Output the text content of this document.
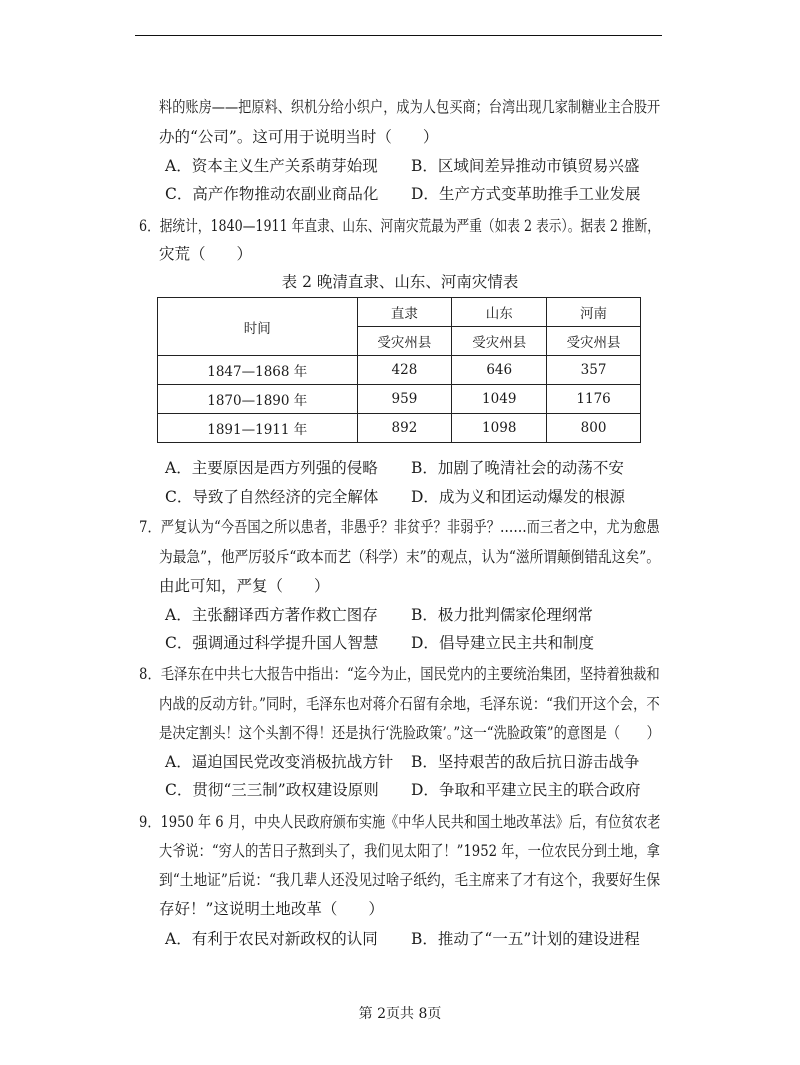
料的账房——把原料、织机分给小织户，成为人包买商；台湾出现几家制糖业主合股开
办的“公司”。这可用于说明当时（　　）
A．资本主义生产关系萌芽始现 B．区域间差异推动市镇贸易兴盛
C．高产作物推动农副业商品化 D．生产方式变革助推手工业发展
6．据统计，1840—1911 年直隶、山东、河南灾荒最为严重（如表 2 表示）。据表 2 推断，
灾荒（　　）
表 2 晚清直隶、山东、河南灾情表
时间	直隶	山东	河南
	受灾州县	受灾州县	受灾州县
1847—1868 年	428	646	357
1870—1890 年	959	1049	1176
1891—1911 年	892	1098	800
A．主要原因是西方列强的侵略 B．加剧了晚清社会的动荡不安
C．导致了自然经济的完全解体 D．成为义和团运动爆发的根源
7．严复认为“今吾国之所以患者，非愚乎？非贫乎？非弱乎？……而三者之中，尤为愈愚
为最急”，他严厉驳斥“政本而艺（科学）末”的观点，认为“滋所谓颠倒错乱这矣”。
由此可知，严复（　　）
A．主张翻译西方著作救亡图存 B．极力批判儒家伦理纲常
C．强调通过科学提升国人智慧 D．倡导建立民主共和制度
8．毛泽东在中共七大报告中指出：“迄今为止，国民党内的主要统治集团，坚持着独裁和
内战的反动方针。”同时，毛泽东也对蒋介石留有余地，毛泽东说：“我们开这个会，不
是决定割头！这个头割不得！还是执行‘洗脸政策’。”这一“洗脸政策”的意图是（　　）
A．逼迫国民党改变消极抗战方针 B．坚持艰苦的敌后抗日游击战争
C．贯彻“三三制”政权建设原则 D．争取和平建立民主的联合政府
9．1950 年 6 月，中央人民政府颁布实施《中华人民共和国土地改革法》后，有位贫农老
大爷说：“穷人的苦日子熬到头了，我们见太阳了！”1952 年，一位农民分到土地，拿
到“土地证”后说：“我几辈人还没见过啥子纸约，毛主席来了才有这个，我要好生保
存好！”这说明土地改革（　　）
A．有利于农民对新政权的认同 B．推动了“一五”计划的建设进程
第 2页共 8页
